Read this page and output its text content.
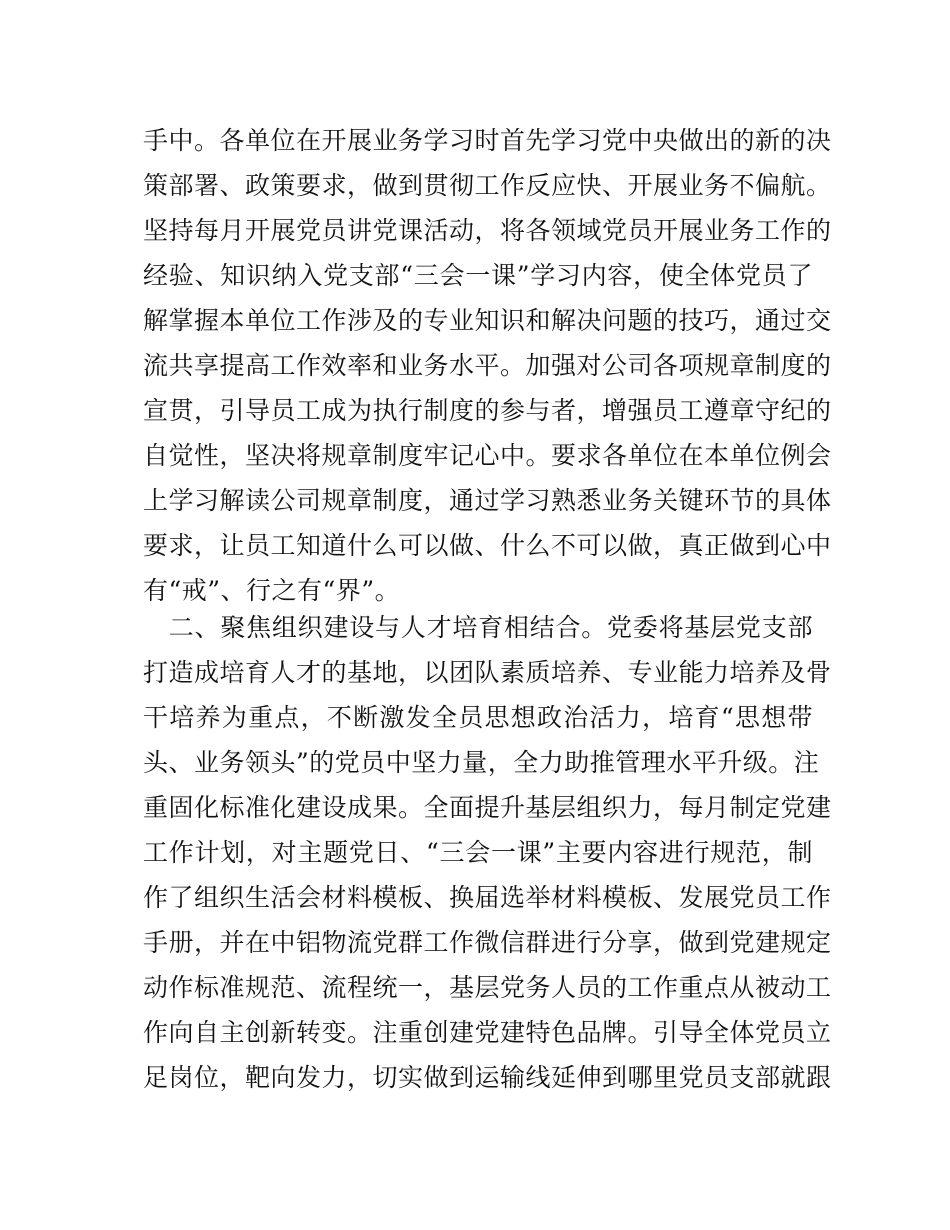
手中。各单位在开展业务学习时首先学习党中央做出的新的决
策部署、政策要求，做到贯彻工作反应快、开展业务不偏航。
坚持每月开展党员讲党课活动，将各领域党员开展业务工作的
经验、知识纳入党支部“三会一课”学习内容，使全体党员了
解掌握本单位工作涉及的专业知识和解决问题的技巧，通过交
流共享提高工作效率和业务水平。加强对公司各项规章制度的
宣贯，引导员工成为执行制度的参与者，增强员工遵章守纪的
自觉性，坚决将规章制度牢记心中。要求各单位在本单位例会
上学习解读公司规章制度，通过学习熟悉业务关键环节的具体
要求，让员工知道什么可以做、什么不可以做，真正做到心中
有“戒”、行之有“界”。
　二、聚焦组织建设与人才培育相结合。党委将基层党支部
打造成培育人才的基地，以团队素质培养、专业能力培养及骨
干培养为重点，不断激发全员思想政治活力，培育“思想带
头、业务领头”的党员中坚力量，全力助推管理水平升级。注
重固化标准化建设成果。全面提升基层组织力，每月制定党建
工作计划，对主题党日、“三会一课”主要内容进行规范，制
作了组织生活会材料模板、换届选举材料模板、发展党员工作
手册，并在中铝物流党群工作微信群进行分享，做到党建规定
动作标准规范、流程统一，基层党务人员的工作重点从被动工
作向自主创新转变。注重创建党建特色品牌。引导全体党员立
足岗位，靶向发力，切实做到运输线延伸到哪里党员支部就跟
